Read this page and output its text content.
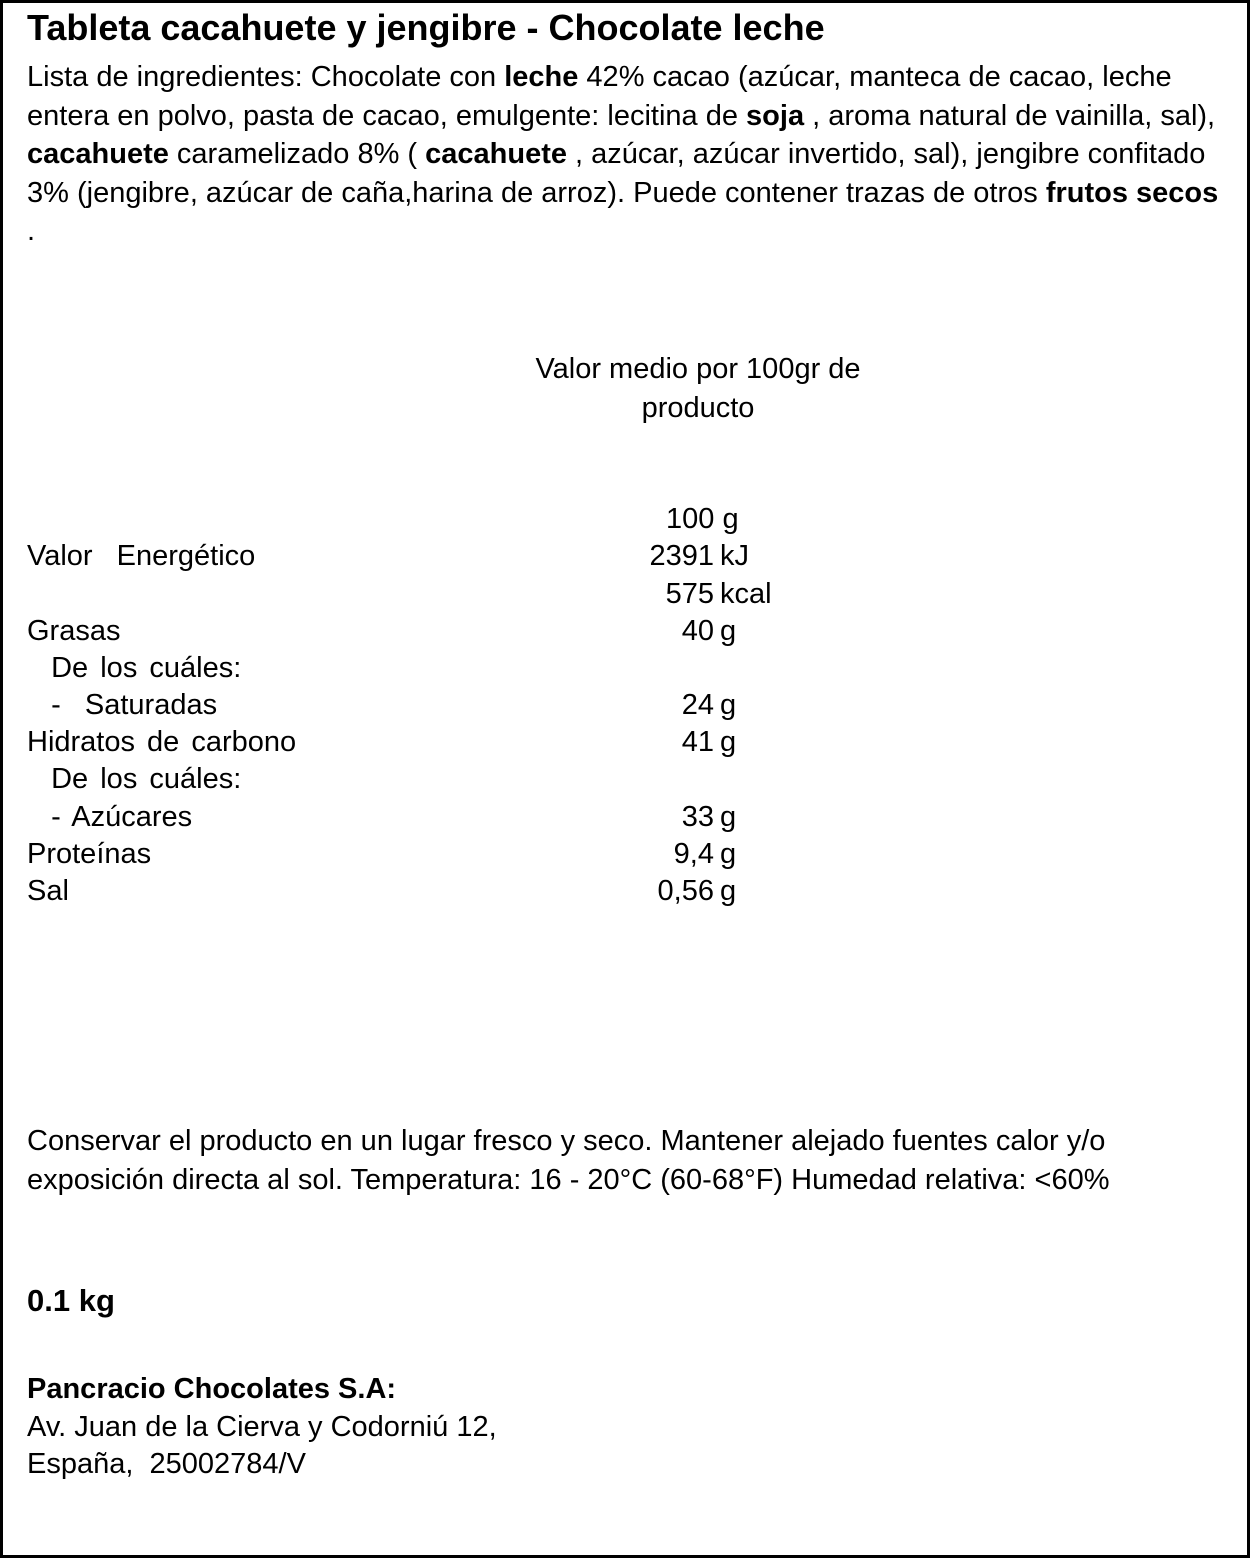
Tableta cacahuete y jengibre - Chocolate leche
Lista de ingredientes: Chocolate con leche 42% cacao (azúcar, manteca de cacao, leche entera en polvo, pasta de cacao, emulgente: lecitina de soja , aroma natural de vainilla, sal), cacahuete caramelizado 8% ( cacahuete , azúcar, azúcar invertido, sal), jengibre confitado 3% (jengibre, azúcar de caña,harina de arroz). Puede contener trazas de otros frutos secos .
Valor medio por 100gr de
producto
100 g
Valor  Energético	2391 kJ
575 kcal
Grasas	40 g
De los cuáles:
-  Saturadas	24 g
Hidratos de carbono	41 g
De los cuáles:
- Azúcares	33 g
Proteínas	9,4 g
Sal	0,56 g
Conservar el producto en un lugar fresco y seco. Mantener alejado fuentes calor y/o exposición directa al sol. Temperatura: 16 - 20°C (60-68°F) Humedad relativa: <60%
0.1 kg
Pancracio Chocolates S.A:
Av. Juan de la Cierva y Codorniú 12,
España,  25002784/V
